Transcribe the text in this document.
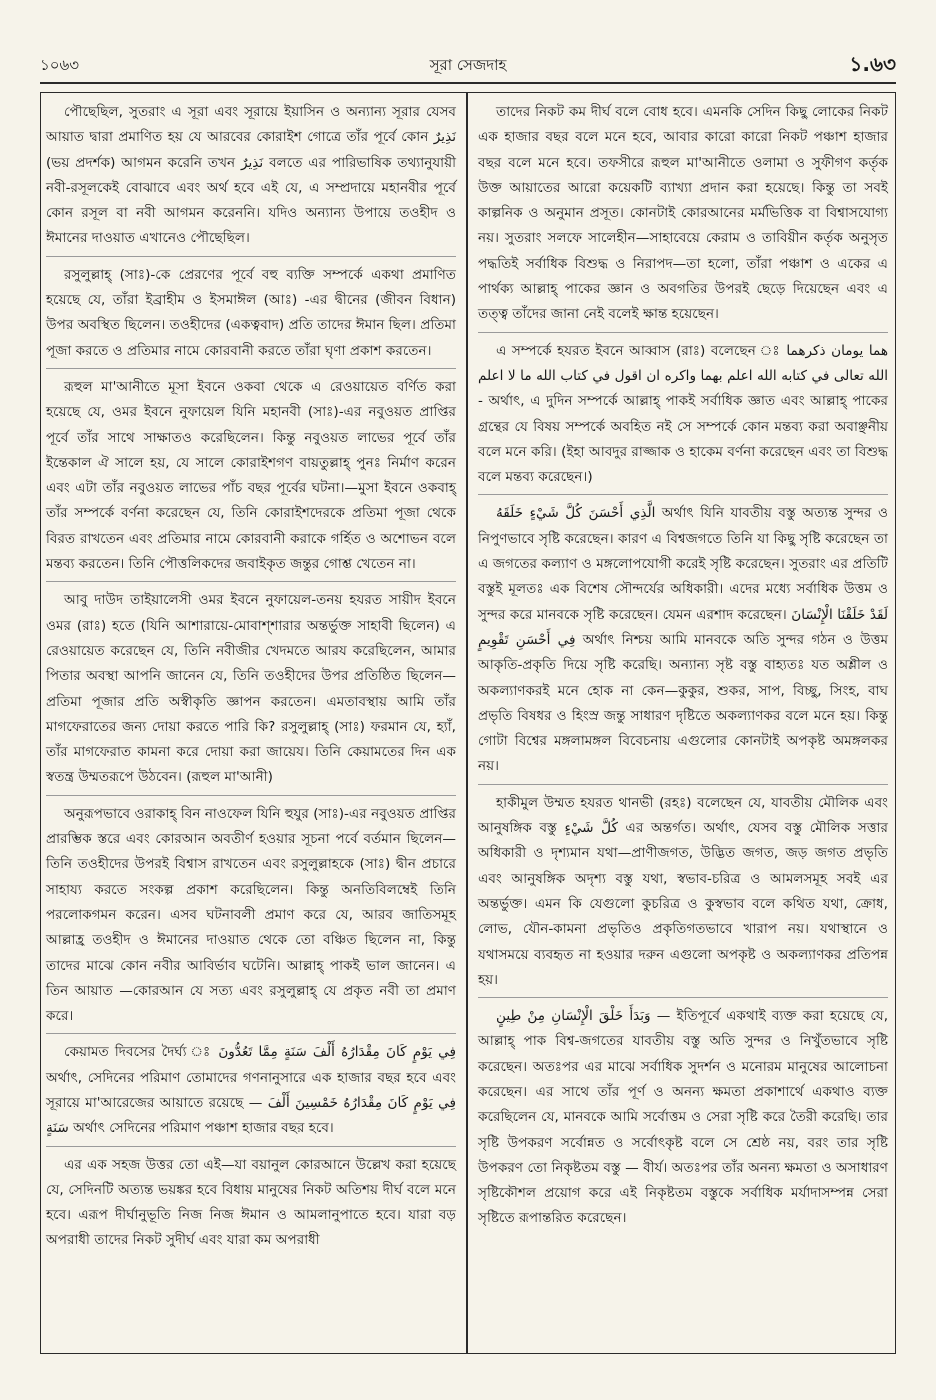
১০৬৩	সূরা সেজদাহ	১.৬৩

পৌছেছিল, সুতরাং এ সূরা এবং সূরায়ে ইয়াসিন ও অন্যান্য সূরার যেসব আয়াত দ্বারা প্রমাণিত হয় যে আরবের কোরাইশ গোত্রে তাঁর পূর্বে কোন نَذِيرٌ (ভয় প্রদর্শক) আগমন করেনি তখন نَذِيرٌ বলতে এর পারিভাষিক তথ্যানুযায়ী নবী-রসূলকেই বোঝাবে এবং অর্থ হবে এই যে, এ সম্প্রদায়ে মহানবীর পূর্বে কোন রসূল বা নবী আগমন করেননি। যদিও অন্যান্য উপায়ে তওহীদ ও ঈমানের দাওয়াত এখানেও পৌছেছিল।

রসুলুল্লাহ্ (সাঃ)-কে প্রেরণের পূর্বে বহু ব্যক্তি সম্পর্কে একথা প্রমাণিত হয়েছে যে, তাঁরা ইব্রাহীম ও ইসমাঈল (আঃ) -এর দ্বীনের (জীবন বিধান) উপর অবস্থিত ছিলেন। তওহীদের (একত্ববাদ) প্রতি তাদের ঈমান ছিল। প্রতিমা পূজা করতে ও প্রতিমার নামে কোরবানী করতে তাঁরা ঘৃণা প্রকাশ করতেন।

রূহুল মা'আনীতে মূসা ইবনে ওকবা থেকে এ রেওয়ায়েত বর্ণিত করা হয়েছে যে, ওমর ইবনে নুফায়েল যিনি মহানবী (সাঃ)-এর নবুওয়ত প্রাপ্তির পূর্বে তাঁর সাথে সাক্ষাতও করেছিলেন। কিন্তু নবুওয়ত লাভের পূর্বে তাঁর ইন্তেকাল ঐ সালে হয়, যে সালে কোরাইশগণ বায়তুল্লাহ্ পুনঃ নির্মাণ করেন এবং এটা তাঁর নবুওয়ত লাভের পাঁচ বছর পূর্বের ঘটনা।—মুসা ইবনে ওকবাহ্ তাঁর সম্পর্কে বর্ণনা করেছেন যে, তিনি কোরাইশদেরকে প্রতিমা পূজা থেকে বিরত রাখতেন এবং প্রতিমার নামে কোরবানী করাকে গর্হিত ও অশোভন বলে মন্তব্য করতেন। তিনি পৌত্তলিকদের জবাইকৃত জন্তুর গোশ্ত খেতেন না।

আবু দাউদ তাইয়ালেসী ওমর ইবনে নুফায়েল-তনয় হযরত সায়ীদ ইবনে ওমর (রাঃ) হতে (যিনি আশারায়ে-মোবাশ্শারার অন্তর্ভুক্ত সাহাবী ছিলেন) এ রেওয়ায়েত করেছেন যে, তিনি নবীজীর খেদমতে আরয করেছিলেন, আমার পিতার অবস্থা আপনি জানেন যে, তিনি তওহীদের উপর প্রতিষ্ঠিত ছিলেন—প্রতিমা পূজার প্রতি অস্বীকৃতি জ্ঞাপন করতেন। এমতাবস্থায় আমি তাঁর মাগফেরাতের জন্য দোয়া করতে পারি কি? রসুলুল্লাহ্ (সাঃ) ফরমান যে, হ্যাঁ, তাঁর মাগফেরাত কামনা করে দোয়া করা জায়েয। তিনি কেয়ামতের দিন এক স্বতন্ত্র উম্মতরূপে উঠবেন। (রূহুল মা'আনী)

অনুরূপভাবে ওরাকাহ্ বিন নাওফেল যিনি হুযুর (সাঃ)-এর নবুওয়ত প্রাপ্তির প্রারম্ভিক স্তরে এবং কোরআন অবতীর্ণ হওয়ার সূচনা পর্বে বর্তমান ছিলেন—তিনি তওহীদের উপরই বিশ্বাস রাখতেন এবং রসুলুল্লাহকে (সাঃ) দ্বীন প্রচারে সাহায্য করতে সংকল্প প্রকাশ করেছিলেন। কিন্তু অনতিবিলম্বেই তিনি পরলোকগমন করেন। এসব ঘটনাবলী প্রমাণ করে যে, আরব জাতিসমূহ আল্লাহ্র তওহীদ ও ঈমানের দাওয়াত থেকে তো বঞ্চিত ছিলেন না, কিন্তু তাদের মাঝে কোন নবীর আবির্ভাব ঘটেনি। আল্লাহ্ পাকই ভাল জানেন। এ তিন আয়াত —কোরআন যে সত্য এবং রসুলুল্লাহ্ যে প্রকৃত নবী তা প্রমাণ করে।

কেয়ামত দিবসের দৈর্ঘ্য ঃ فِي يَوْمٍ كَانَ مِقْدَارُهُ أَلْفَ سَنَةٍ مِمَّا تَعُدُّونَ অর্থাৎ, সেদিনের পরিমাণ তোমাদের গণনানুসারে এক হাজার বছর হবে এবং সূরায়ে মা'আরেজের আয়াতে রয়েছে — فِي يَوْمٍ كَانَ مِقْدَارُهُ خَمْسِينَ أَلْفَ سَنَةٍ অর্থাৎ সেদিনের পরিমাণ পঞ্চাশ হাজার বছর হবে।

এর এক সহজ উত্তর তো এই—যা বয়ানুল কোরআনে উল্লেখ করা হয়েছে যে, সেদিনটি অত্যন্ত ভয়ঙ্কর হবে বিধায় মানুষের নিকট অতিশয় দীর্ঘ বলে মনে হবে। এরূপ দীর্ঘানুভূতি নিজ নিজ ঈমান ও আমলানুপাতে হবে। যারা বড় অপরাধী তাদের নিকট সুদীর্ঘ এবং যারা কম অপরাধী

তাদের নিকট কম দীর্ঘ বলে বোধ হবে। এমনকি সেদিন কিছু লোকের নিকট এক হাজার বছর বলে মনে হবে, আবার কারো কারো নিকট পঞ্চাশ হাজার বছর বলে মনে হবে। তফসীরে রূহুল মা'আনীতে ওলামা ও সুফীগণ কর্তৃক উক্ত আয়াতের আরো কয়েকটি ব্যাখ্যা প্রদান করা হয়েছে। কিন্তু তা সবই কাল্পনিক ও অনুমান প্রসূত। কোনটাই কোরআনের মর্মভিত্তিক বা বিশ্বাসযোগ্য নয়। সুতরাং সলফে সালেহীন—সাহাবেয়ে কেরাম ও তাবিয়ীন কর্তৃক অনুসৃত পদ্ধতিই সর্বাধিক বিশুদ্ধ ও নিরাপদ—তা হলো, তাঁরা পঞ্চাশ ও একের এ পার্থক্য আল্লাহ্ পাকের জ্ঞান ও অবগতির উপরই ছেড়ে দিয়েছেন এবং এ তত্ত্ব তাঁদের জানা নেই বলেই ক্ষান্ত হয়েছেন।

এ সম্পর্কে হযরত ইবনে আব্বাস (রাঃ) বলেছেন ঃ هما يومان ذكرهما الله تعالى في كتابه الله اعلم بهما واكره ان اقول في كتاب الله ما لا اعلم - অর্থাৎ, এ দুদিন সম্পর্কে আল্লাহ্ পাকই সর্বাধিক জ্ঞাত এবং আল্লাহ্ পাকের গ্রন্থের যে বিষয় সম্পর্কে অবহিত নই সে সম্পর্কে কোন মন্তব্য করা অবাঞ্ছনীয় বলে মনে করি। (ইহা আবদুর রাজ্জাক ও হাকেম বর্ণনা করেছেন এবং তা বিশুদ্ধ বলে মন্তব্য করেছেন।)

الَّذِي أَحْسَنَ كُلَّ شَيْءٍ خَلَقَهُ অর্থাৎ যিনি যাবতীয় বস্তু অত্যন্ত সুন্দর ও নিপুণভাবে সৃষ্টি করেছেন। কারণ এ বিশ্বজগতে তিনি যা কিছু সৃষ্টি করেছেন তা এ জগতের কল্যাণ ও মঙ্গলোপযোগী করেই সৃষ্টি করেছেন। সুতরাং এর প্রতিটি বস্তুই মূলতঃ এক বিশেষ সৌন্দর্যের অধিকারী। এদের মধ্যে সর্বাধিক উত্তম ও সুন্দর করে মানবকে সৃষ্টি করেছেন। যেমন এরশাদ করেছেন। لَقَدْ خَلَقْنَا الْإِنْسَانَ فِي أَحْسَنِ تَقْوِيمٍ অর্থাৎ নিশ্চয় আমি মানবকে অতি সুন্দর গঠন ও উত্তম আকৃতি-প্রকৃতি দিয়ে সৃষ্টি করেছি। অন্যান্য সৃষ্ট বস্তু বাহ্যতঃ যত অশ্লীল ও অকল্যাণকরই মনে হোক না কেন—কুকুর, শুকর, সাপ, বিচ্ছু, সিংহ, বাঘ প্রভৃতি বিষধর ও হিংস্র জন্তু সাধারণ দৃষ্টিতে অকল্যাণকর বলে মনে হয়। কিন্তু গোটা বিশ্বের মঙ্গলামঙ্গল বিবেচনায় এগুলোর কোনটাই অপকৃষ্ট অমঙ্গলকর নয়।

হাকীমুল উম্মত হযরত থানভী (রহঃ) বলেছেন যে, যাবতীয় মৌলিক এবং আনুষঙ্গিক বস্তু كُلَّ شَيْءٍ এর অন্তর্গত। অর্থাৎ, যেসব বস্তু মৌলিক সত্তার অধিকারী ও দৃশ্যমান যথা—প্রাণীজগত, উদ্ভিত জগত, জড় জগত প্রভৃতি এবং আনুষঙ্গিক অদৃশ্য বস্তু যথা, স্বভাব-চরিত্র ও আমলসমূহ সবই এর অন্তর্ভুক্ত। এমন কি যেগুলো কুচরিত্র ও কুস্বভাব বলে কথিত যথা, ক্রোধ, লোভ, যৌন-কামনা প্রভৃতিও প্রকৃতিগতভাবে খারাপ নয়। যথাস্থানে ও যথাসময়ে ব্যবহৃত না হওয়ার দরুন এগুলো অপকৃষ্ট ও অকল্যাণকর প্রতিপন্ন হয়।

وَبَدَأَ خَلْقَ الْإِنْسَانِ مِنْ طِينٍ — ইতিপূর্বে একথাই ব্যক্ত করা হয়েছে যে, আল্লাহ্ পাক বিশ্ব-জগতের যাবতীয় বস্তু অতি সুন্দর ও নিখুঁতভাবে সৃষ্টি করেছেন। অতঃপর এর মাঝে সর্বাধিক সুদর্শন ও মনোরম মানুষের আলোচনা করেছেন। এর সাথে তাঁর পূর্ণ ও অনন্য ক্ষমতা প্রকাশার্থে একথাও ব্যক্ত করেছিলেন যে, মানবকে আমি সর্বোত্তম ও সেরা সৃষ্টি করে তৈরী করেছি। তার সৃষ্টি উপকরণ সর্বোন্নত ও সর্বোৎকৃষ্ট বলে সে শ্রেষ্ঠ নয়, বরং তার সৃষ্টি উপকরণ তো নিকৃষ্টতম বস্তু — বীর্য। অতঃপর তাঁর অনন্য ক্ষমতা ও অসাধারণ সৃষ্টিকৌশল প্রয়োগ করে এই নিকৃষ্টতম বস্তুকে সর্বাধিক মর্যাদাসম্পন্ন সেরা সৃষ্টিতে রূপান্তরিত করেছেন।
